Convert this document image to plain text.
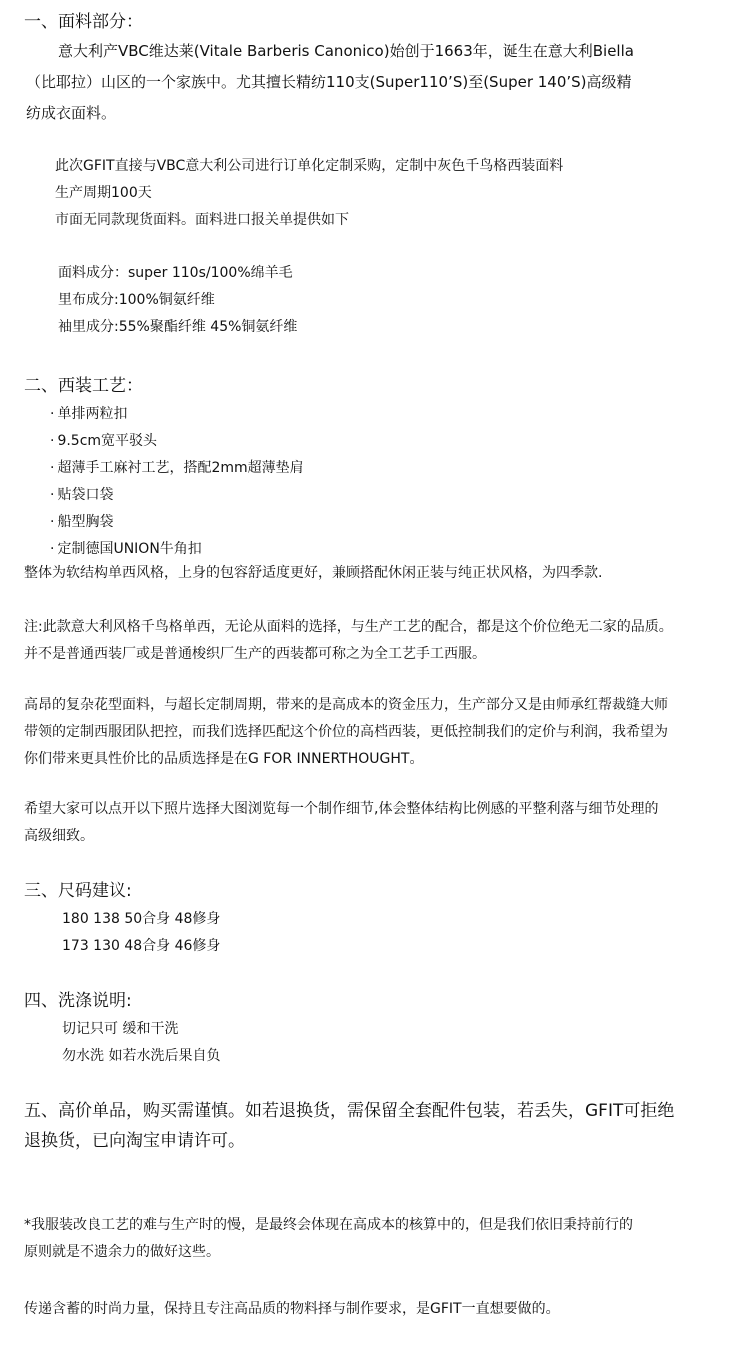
一、面料部分：
意大利产VBC维达莱(Vitale Barberis Canonico)始创于1663年，诞生在意大利Biella
（比耶拉）山区的一个家族中。尤其擅长精纺110支(Super110’S)至(Super 140’S)高级精
纺成衣面料。
此次GFIT直接与VBC意大利公司进行订单化定制采购，定制中灰色千鸟格西装面料
生产周期100天
市面无同款现货面料。面料进口报关单提供如下
面料成分：super 110s/100%绵羊毛
里布成分:100%铜氨纤维
袖里成分:55%聚酯纤维 45%铜氨纤维
二、西装工艺：
· 单排两粒扣
· 9.5cm宽平驳头
· 超薄手工麻衬工艺，搭配2mm超薄垫肩
· 贴袋口袋
· 船型胸袋
· 定制德国UNION牛角扣
整体为软结构单西风格，上身的包容舒适度更好，兼顾搭配休闲正装与纯正状风格，为四季款.
注:此款意大利风格千鸟格单西，无论从面料的选择，与生产工艺的配合，都是这个价位绝无二家的品质。
并不是普通西装厂或是普通梭织厂生产的西装都可称之为全工艺手工西服。
高昂的复杂花型面料，与超长定制周期，带来的是高成本的资金压力，生产部分又是由师承红帮裁缝大师
带领的定制西服团队把控，而我们选择匹配这个价位的高档西装，更低控制我们的定价与利润，我希望为
你们带来更具性价比的品质选择是在G FOR INNERTHOUGHT。
希望大家可以点开以下照片选择大图浏览每一个制作细节,体会整体结构比例感的平整利落与细节处理的
高级细致。
三、尺码建议:
180 138 50合身 48修身
173 130 48合身 46修身
四、洗涤说明:
切记只可 缓和干洗
勿水洗 如若水洗后果自负
五、高价单品，购买需谨慎。如若退换货，需保留全套配件包装，若丢失，GFIT可拒绝
退换货，已向淘宝申请许可。
*我服装改良工艺的难与生产时的慢，是最终会体现在高成本的核算中的，但是我们依旧秉持前行的
原则就是不遗余力的做好这些。
传递含蓄的时尚力量，保持且专注高品质的物料择与制作要求，是GFIT一直想要做的。
